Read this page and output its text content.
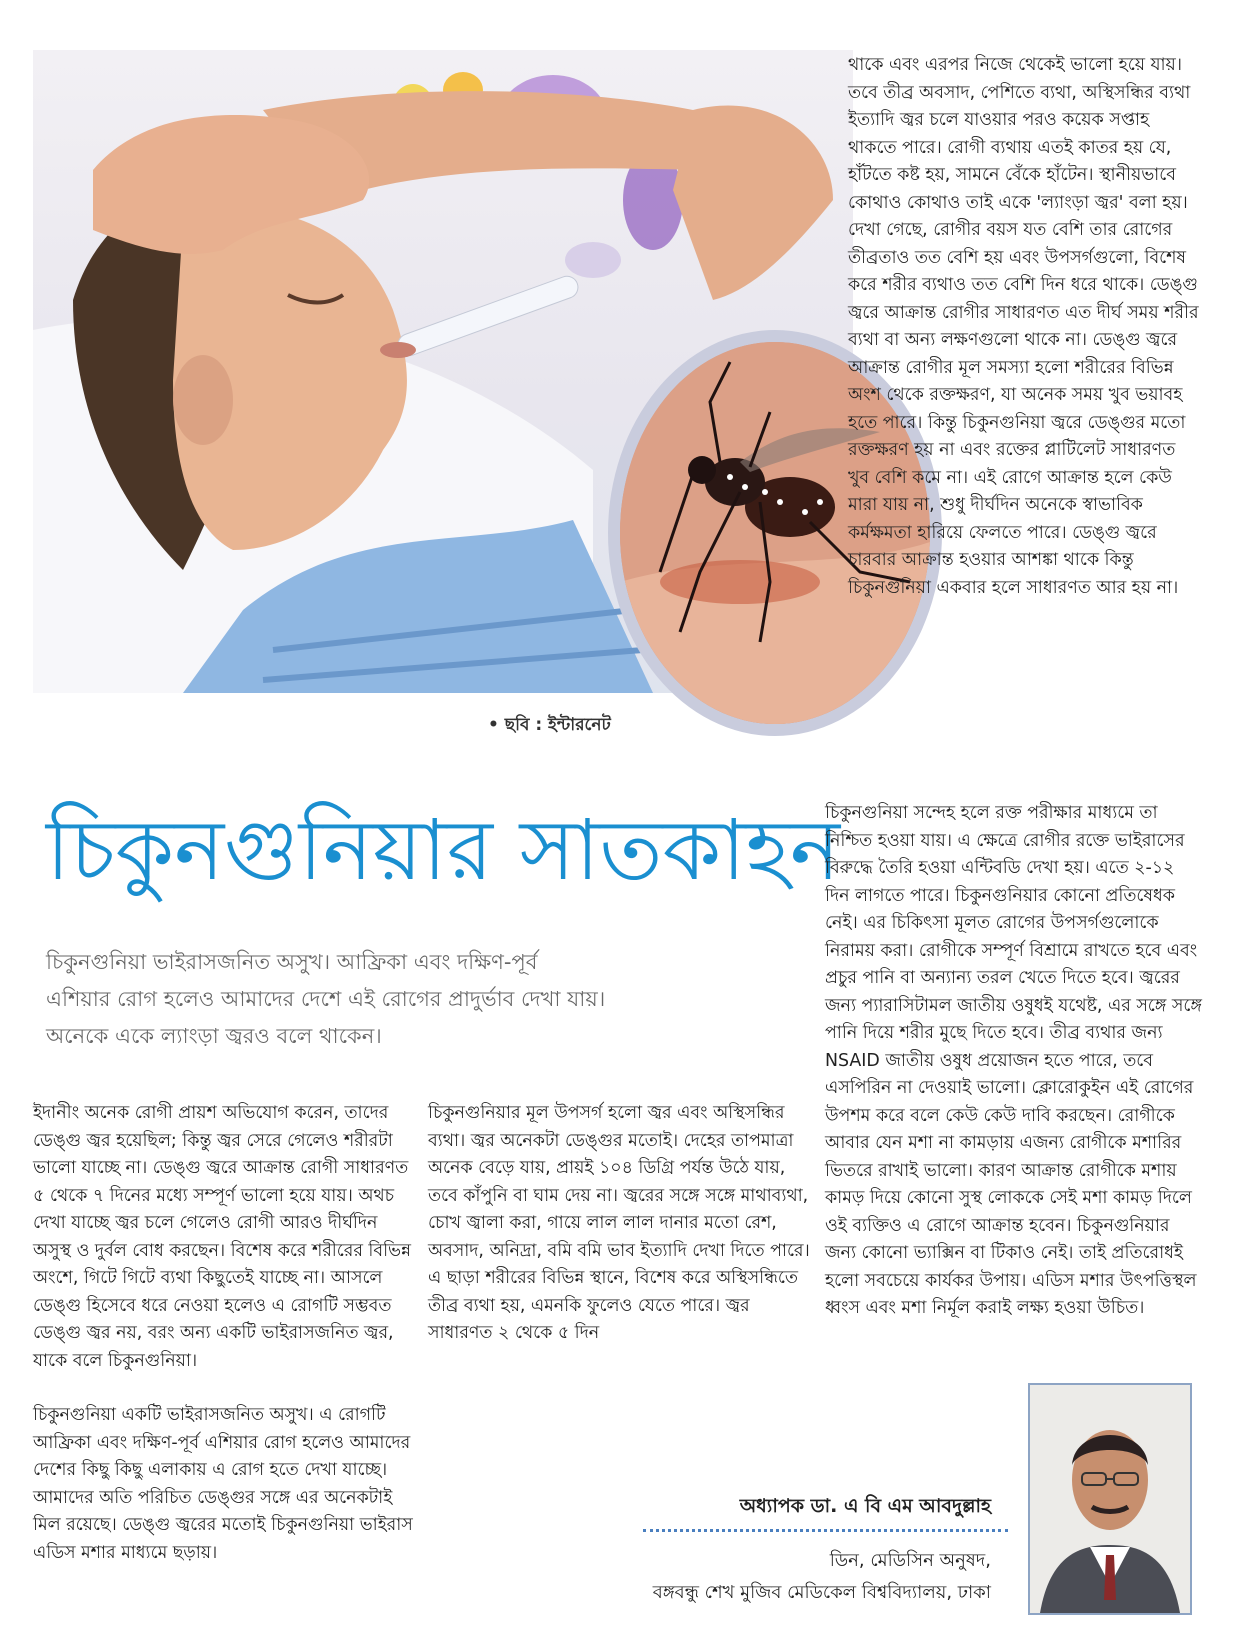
• ছবি : ইন্টারনেট

থাকে এবং এরপর নিজে থেকেই ভালো হয়ে যায়। তবে তীব্র অবসাদ, পেশিতে ব্যথা, অস্থিসন্ধির ব্যথা ইত্যাদি জ্বর চলে যাওয়ার পরও কয়েক সপ্তাহ থাকতে পারে। রোগী ব্যথায় এতই কাতর হয় যে, হাঁটতে কষ্ট হয়, সামনে বেঁকে হাঁটেন। স্থানীয়ভাবে কোথাও কোথাও তাই একে 'ল্যাংড়া জ্বর' বলা হয়। দেখা গেছে, রোগীর বয়স যত বেশি তার রোগের তীব্রতাও তত বেশি হয় এবং উপসর্গগুলো, বিশেষ করে শরীর ব্যথাও তত বেশি দিন ধরে থাকে। ডেঙ্গু জ্বরে আক্রান্ত রোগীর সাধারণত এত দীর্ঘ সময় শরীর ব্যথা বা অন্য লক্ষণগুলো থাকে না। ডেঙ্গু জ্বরে আক্রান্ত রোগীর মূল সমস্যা হলো শরীরের বিভিন্ন অংশ থেকে রক্তক্ষরণ, যা অনেক সময় খুব ভয়াবহ হতে পারে। কিন্তু চিকুনগুনিয়া জ্বরে ডেঙ্গুর মতো রক্তক্ষরণ হয় না এবং রক্তের প্লাটিলেট সাধারণত খুব বেশি কমে না। এই রোগে আক্রান্ত হলে কেউ মারা যায় না, শুধু দীর্ঘদিন অনেকে স্বাভাবিক কর্মক্ষমতা হারিয়ে ফেলতে পারে। ডেঙ্গু জ্বরে চারবার আক্রান্ত হওয়ার আশঙ্কা থাকে কিন্তু চিকুনগুনিয়া একবার হলে সাধারণত আর হয় না।

চিকুনগুনিয়ার সাতকাহন
চিকুনগুনিয়া ভাইরাসজনিত অসুখ। আফ্রিকা এবং দক্ষিণ-পূর্ব এশিয়ার রোগ হলেও আমাদের দেশে এই রোগের প্রাদুর্ভাব দেখা যায়। অনেকে একে ল্যাংড়া জ্বরও বলে থাকেন।

ইদানীং অনেক রোগী প্রায়শ অভিযোগ করেন, তাদের ডেঙ্গু জ্বর হয়েছিল; কিন্তু জ্বর সেরে গেলেও শরীরটা ভালো যাচ্ছে না। ডেঙ্গু জ্বরে আক্রান্ত রোগী সাধারণত ৫ থেকে ৭ দিনের মধ্যে সম্পূর্ণ ভালো হয়ে যায়। অথচ দেখা যাচ্ছে জ্বর চলে গেলেও রোগী আরও দীর্ঘদিন অসুস্থ ও দুর্বল বোধ করছেন। বিশেষ করে শরীরের বিভিন্ন অংশে, গিটে গিটে ব্যথা কিছুতেই যাচ্ছে না। আসলে ডেঙ্গু হিসেবে ধরে নেওয়া হলেও এ রোগটি সম্ভবত ডেঙ্গু জ্বর নয়, বরং অন্য একটি ভাইরাসজনিত জ্বর, যাকে বলে চিকুনগুনিয়া।

চিকুনগুনিয়া একটি ভাইরাসজনিত অসুখ। এ রোগটি আফ্রিকা এবং দক্ষিণ-পূর্ব এশিয়ার রোগ হলেও আমাদের দেশের কিছু কিছু এলাকায় এ রোগ হতে দেখা যাচ্ছে। আমাদের অতি পরিচিত ডেঙ্গুর সঙ্গে এর অনেকটাই মিল রয়েছে। ডেঙ্গু জ্বরের মতোই চিকুনগুনিয়া ভাইরাস এডিস মশার মাধ্যমে ছড়ায়।

চিকুনগুনিয়ার মূল উপসর্গ হলো জ্বর এবং অস্থিসন্ধির ব্যথা। জ্বর অনেকটা ডেঙ্গুর মতোই। দেহের তাপমাত্রা অনেক বেড়ে যায়, প্রায়ই ১০৪ ডিগ্রি পর্যন্ত উঠে যায়, তবে কাঁপুনি বা ঘাম দেয় না। জ্বরের সঙ্গে সঙ্গে মাথাব্যথা, চোখ জ্বালা করা, গায়ে লাল লাল দানার মতো রেশ, অবসাদ, অনিদ্রা, বমি বমি ভাব ইত্যাদি দেখা দিতে পারে। এ ছাড়া শরীরের বিভিন্ন স্থানে, বিশেষ করে অস্থিসন্ধিতে তীব্র ব্যথা হয়, এমনকি ফুলেও যেতে পারে। জ্বর সাধারণত ২ থেকে ৫ দিন

চিকুনগুনিয়া সন্দেহ হলে রক্ত পরীক্ষার মাধ্যমে তা নিশ্চিত হওয়া যায়। এ ক্ষেত্রে রোগীর রক্তে ভাইরাসের বিরুদ্ধে তৈরি হওয়া এন্টিবডি দেখা হয়। এতে ২-১২ দিন লাগতে পারে। চিকুনগুনিয়ার কোনো প্রতিষেধক নেই। এর চিকিৎসা মূলত রোগের উপসর্গগুলোকে নিরাময় করা। রোগীকে সম্পূর্ণ বিশ্রামে রাখতে হবে এবং প্রচুর পানি বা অন্যান্য তরল খেতে দিতে হবে। জ্বরের জন্য প্যারাসিটামল জাতীয় ওষুধই যথেষ্ট, এর সঙ্গে সঙ্গে পানি দিয়ে শরীর মুছে দিতে হবে। তীব্র ব্যথার জন্য NSAID জাতীয় ওষুধ প্রয়োজন হতে পারে, তবে এসপিরিন না দেওয়াই ভালো। ক্লোরোকুইন এই রোগের উপশম করে বলে কেউ কেউ দাবি করছেন। রোগীকে আবার যেন মশা না কামড়ায় এজন্য রোগীকে মশারির ভিতরে রাখাই ভালো। কারণ আক্রান্ত রোগীকে মশায় কামড় দিয়ে কোনো সুস্থ লোককে সেই মশা কামড় দিলে ওই ব্যক্তিও এ রোগে আক্রান্ত হবেন। চিকুনগুনিয়ার জন্য কোনো ভ্যাক্সিন বা টিকাও নেই। তাই প্রতিরোধই হলো সবচেয়ে কার্যকর উপায়। এডিস মশার উৎপত্তিস্থল ধ্বংস এবং মশা নির্মূল করাই লক্ষ্য হওয়া উচিত।

অধ্যাপক ডা. এ বি এম আবদুল্লাহ
ডিন, মেডিসিন অনুষদ,
বঙ্গবন্ধু শেখ মুজিব মেডিকেল বিশ্ববিদ্যালয়, ঢাকা
